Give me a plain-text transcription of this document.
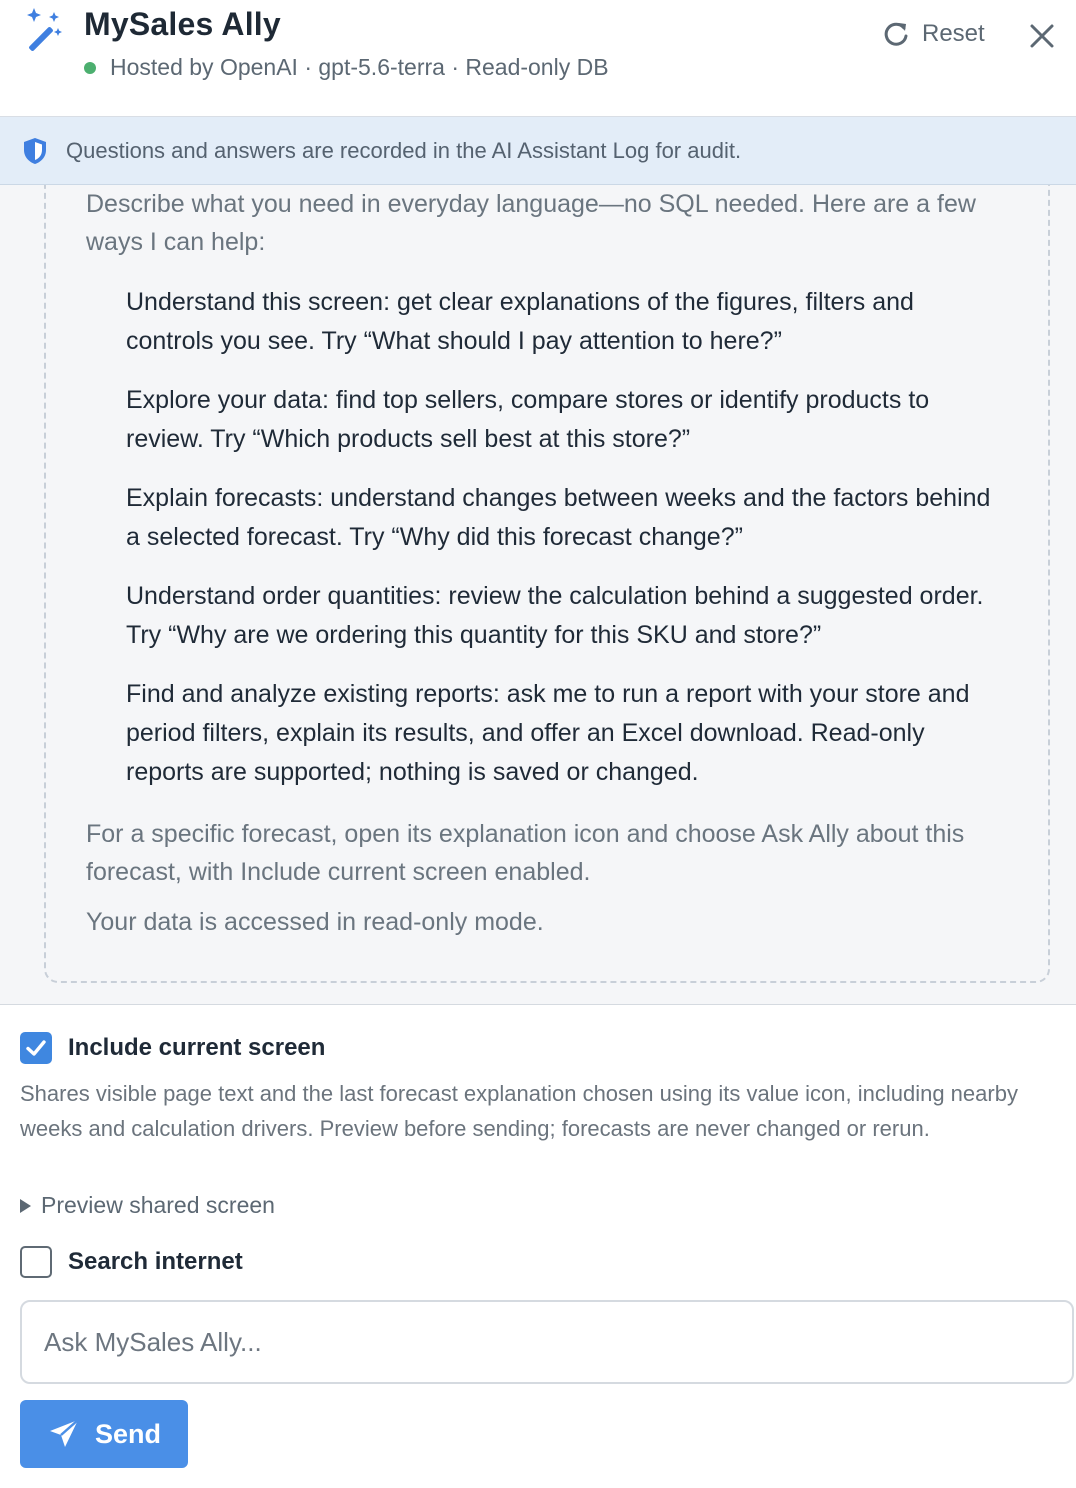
MySales Ally
Hosted by OpenAI · gpt-5.6-terra · Read-only DB
Reset
Questions and answers are recorded in the AI Assistant Log for audit.

Describe what you need in everyday language—no SQL needed. Here are a few ways I can help:

Understand this screen: get clear explanations of the figures, filters and controls you see. Try “What should I pay attention to here?”
Explore your data: find top sellers, compare stores or identify products to review. Try “Which products sell best at this store?”
Explain forecasts: understand changes between weeks and the factors behind a selected forecast. Try “Why did this forecast change?”
Understand order quantities: review the calculation behind a suggested order. Try “Why are we ordering this quantity for this SKU and store?”
Find and analyze existing reports: ask me to run a report with your store and period filters, explain its results, and offer an Excel download. Read-only reports are supported; nothing is saved or changed.

For a specific forecast, open its explanation icon and choose Ask Ally about this forecast, with Include current screen enabled.

Your data is accessed in read-only mode.

Include current screen

Shares visible page text and the last forecast explanation chosen using its value icon, including nearby weeks and calculation drivers. Preview before sending; forecasts are never changed or rerun.

Preview shared screen
Search internet
Ask MySales Ally...
Send
